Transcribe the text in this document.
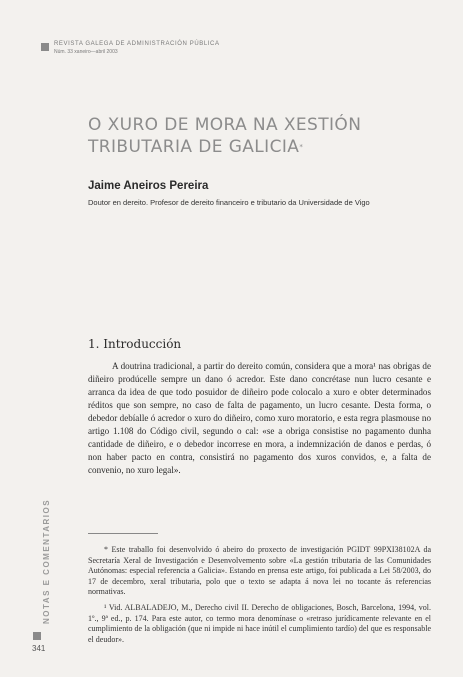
REVISTA GALEGA DE ADMINISTRACIÓN PÚBLICA
Núm. 33 xaneiro—abril 2003
O XURO DE MORA NA XESTIÓN TRIBUTARIA DE GALICIA*
Jaime Aneiros Pereira
Doutor en dereito. Profesor de dereito financeiro e tributario da Universidade de Vigo
1. Introducción
A doutrina tradicional, a partir do dereito común, considera que a mora¹ nas obrigas de diñeiro prodúcelle sempre un dano ó acredor. Este dano concrétase nun lucro cesante e arranca da idea de que todo posuidor de diñeiro pode colocalo a xuro e obter determinados réditos que son sempre, no caso de falta de pagamento, un lucro cesante. Desta forma, o debedor debíalle ó acredor o xuro do diñeiro, como xuro moratorio, e esta regra plasmouse no artigo 1.108 do Código civil, segundo o cal: «se a obriga consistise no pagamento dunha cantidade de diñeiro, e o debedor incorrese en mora, a indemnización de danos e perdas, ó non haber pacto en contra, consistirá no pagamento dos xuros convidos, e, a falta de convenio, no xuro legal».
* Este traballo foi desenvolvido ó abeiro do proxecto de investigación PGIDT 99PXI38102A da Secretaría Xeral de Investigación e Desenvolvemento sobre «La gestión tributaria de las Comunidades Autónomas: especial referencia a Galicia». Estando en prensa este artigo, foi publicada a Lei 58/2003, do 17 de decembro, xeral tributaria, polo que o texto se adapta á nova lei no tocante ás referencias normativas.
¹ Vid. ALBALADEJO, M., Derecho civil II. Derecho de obligaciones, Bosch, Barcelona, 1994, vol. 1º., 9ª ed., p. 174. Para este autor, co termo mora denomínase o «retraso jurídicamente relevante en el cumplimiento de la obligación (que ni impide ni hace inútil el cumplimiento tardío) del que es responsable el deudor».
NOTAS E COMENTARIOS
341
